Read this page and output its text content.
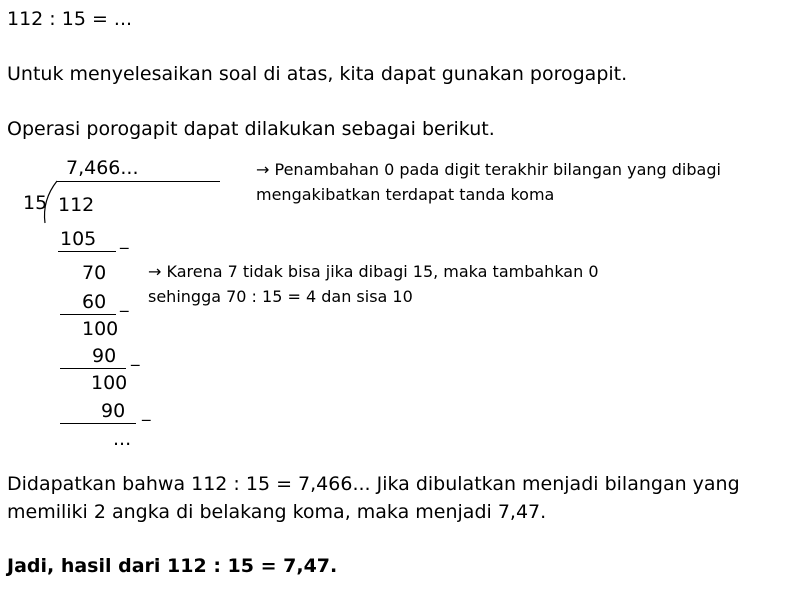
112 : 15 = ...
Untuk menyelesaikan soal di atas, kita dapat gunakan porogapit.
Operasi porogapit dapat dilakukan sebagai berikut.
7,466...
15 112
105 _
70
60 _
100
90 _
100
90 _
...
→ Penambahan 0 pada digit terakhir bilangan yang dibagi
mengakibatkan terdapat tanda koma
→ Karena 7 tidak bisa jika dibagi 15, maka tambahkan 0
sehingga 70 : 15 = 4 dan sisa 10
Didapatkan bahwa 112 : 15 = 7,466... Jika dibulatkan menjadi bilangan yang
memiliki 2 angka di belakang koma, maka menjadi 7,47.
Jadi, hasil dari 112 : 15 = 7,47.
